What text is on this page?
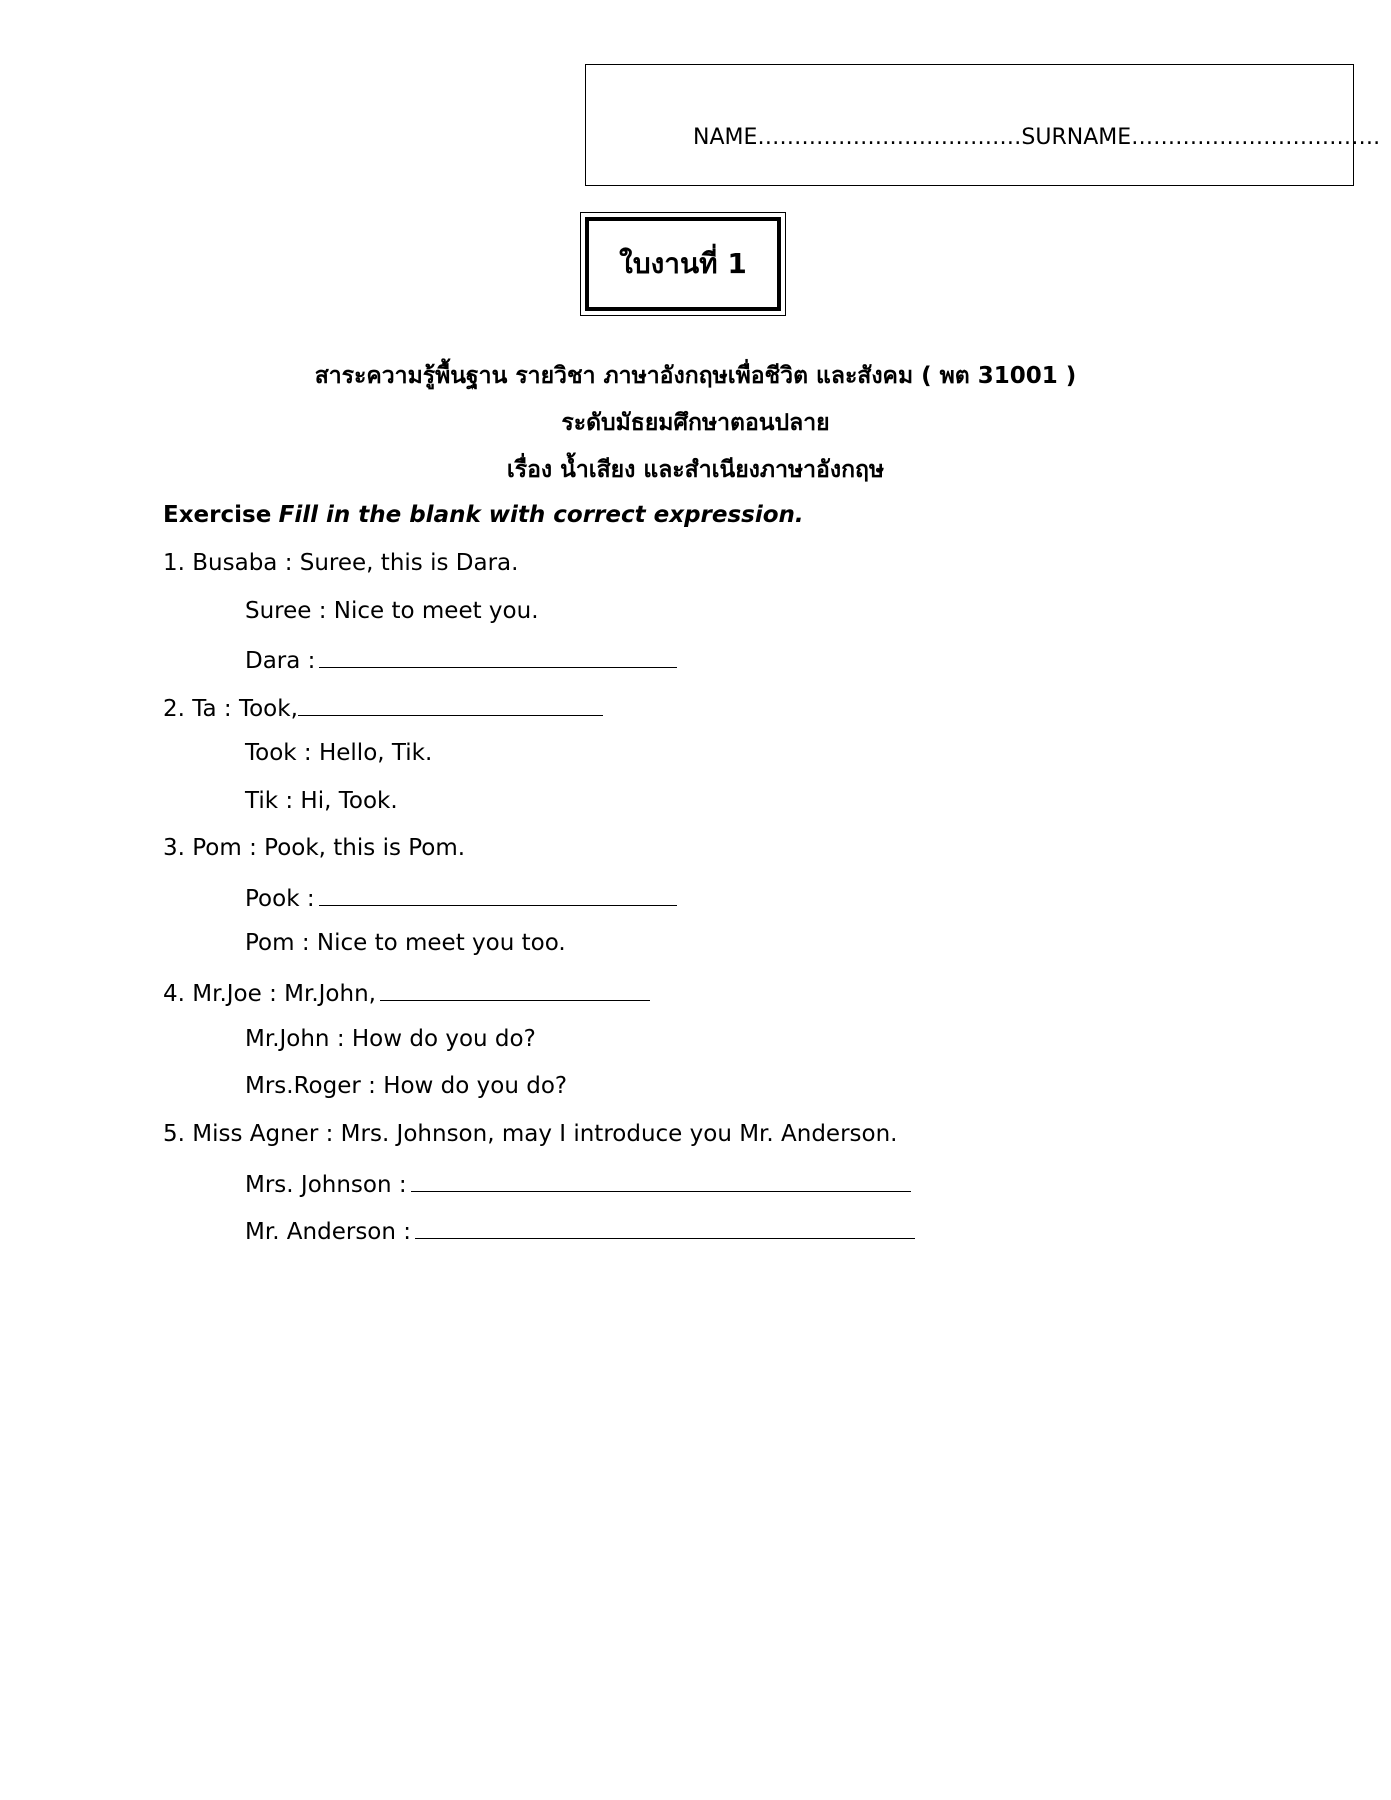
NAME………………………………SURNAME…………………………….
ใบงานที่ 1
สาระความรู้พื้นฐาน รายวิชา ภาษาอังกฤษเพื่อชีวิต และสังคม ( พต 31001 )
ระดับมัธยมศึกษาตอนปลาย
เรื่อง น้ำเสียง และสำเนียงภาษาอังกฤษ
Exercise Fill in the blank with correct expression.
1. Busaba : Suree, this is Dara.
Suree : Nice to meet you.
Dara :
2. Ta : Took,
Took : Hello, Tik.
Tik : Hi, Took.
3. Pom : Pook, this is Pom.
Pook :
Pom : Nice to meet you too.
4. Mr.Joe : Mr.John,
Mr.John : How do you do?
Mrs.Roger : How do you do?
5. Miss Agner : Mrs. Johnson, may I introduce you Mr. Anderson.
Mrs. Johnson :
Mr. Anderson :
